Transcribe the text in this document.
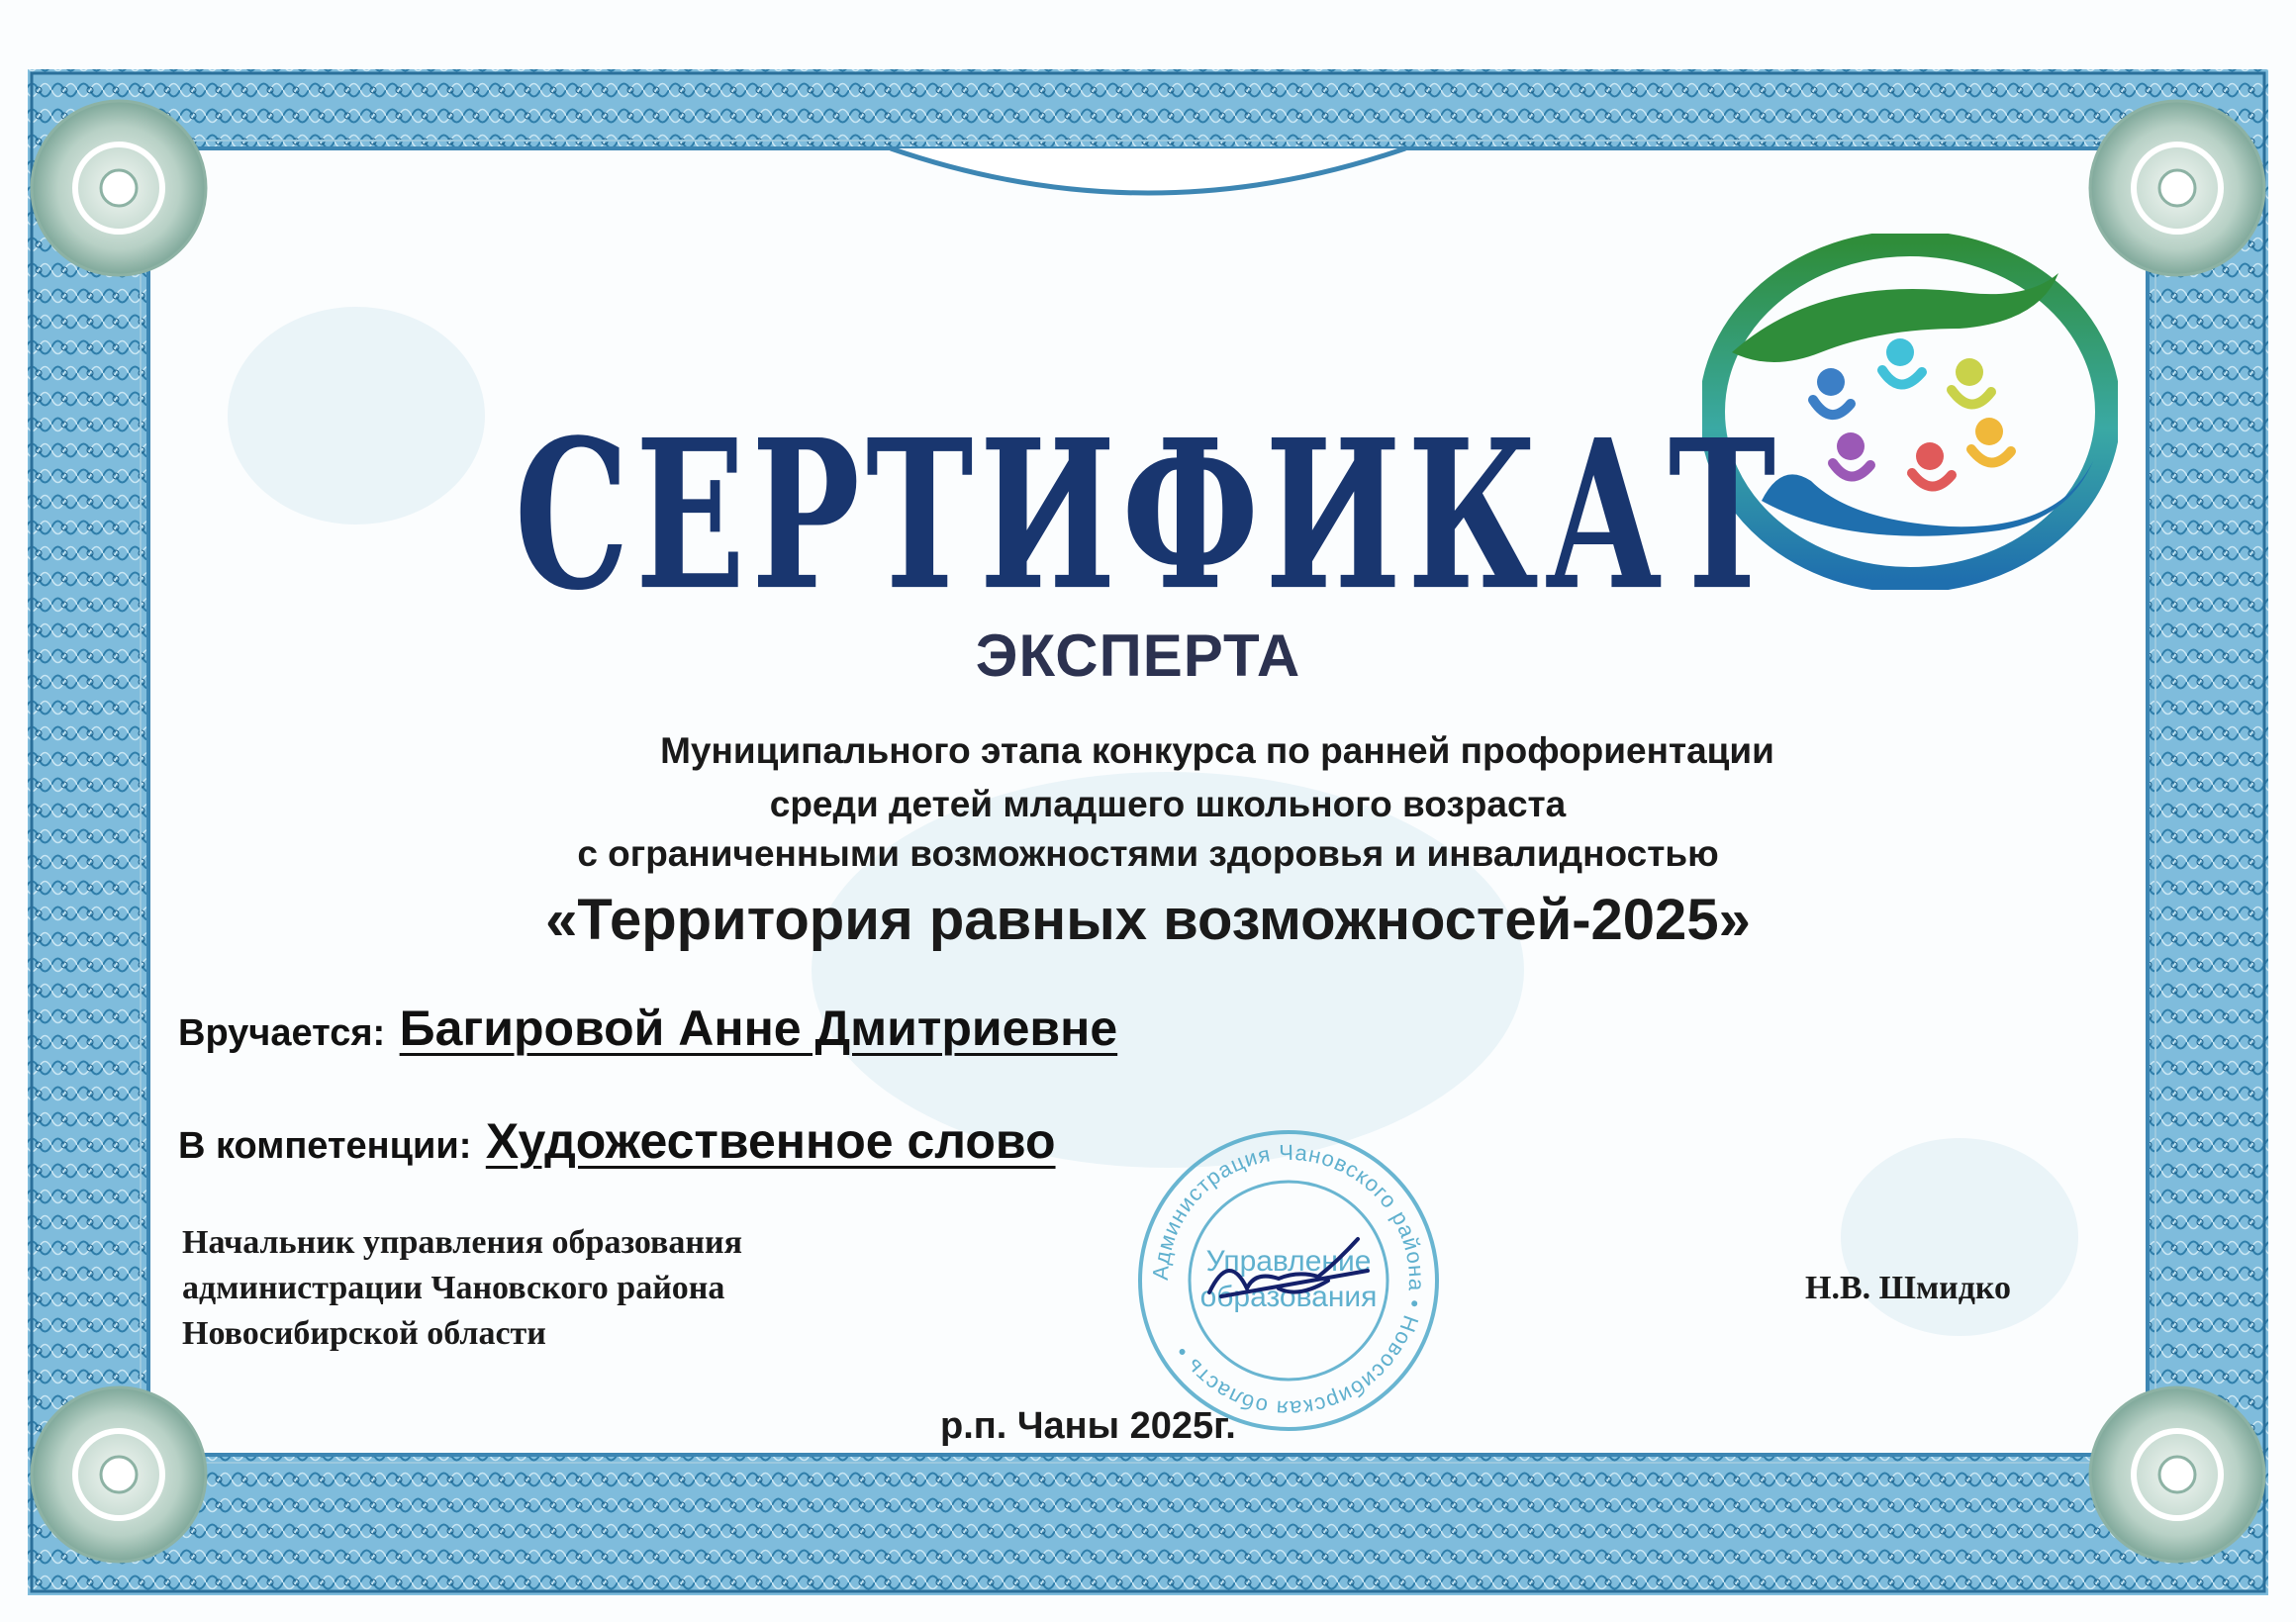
СЕРТИФИКАТ
ЭКСПЕРТА
Муниципального этапа конкурса по ранней профориентации
среди детей младшего школьного возраста
с ограниченными возможностями здоровья и инвалидностью
«Территория равных возможностей-2025»
Вручается: Багировой Анне Дмитриевне
В компетенции: Художественное слово
Начальник управления образования
администрации Чановского района
Новосибирской области
Н.В. Шмидко
Администрация Чановского района • Новосибирская область •
Управление
образования
р.п. Чаны 2025г.
